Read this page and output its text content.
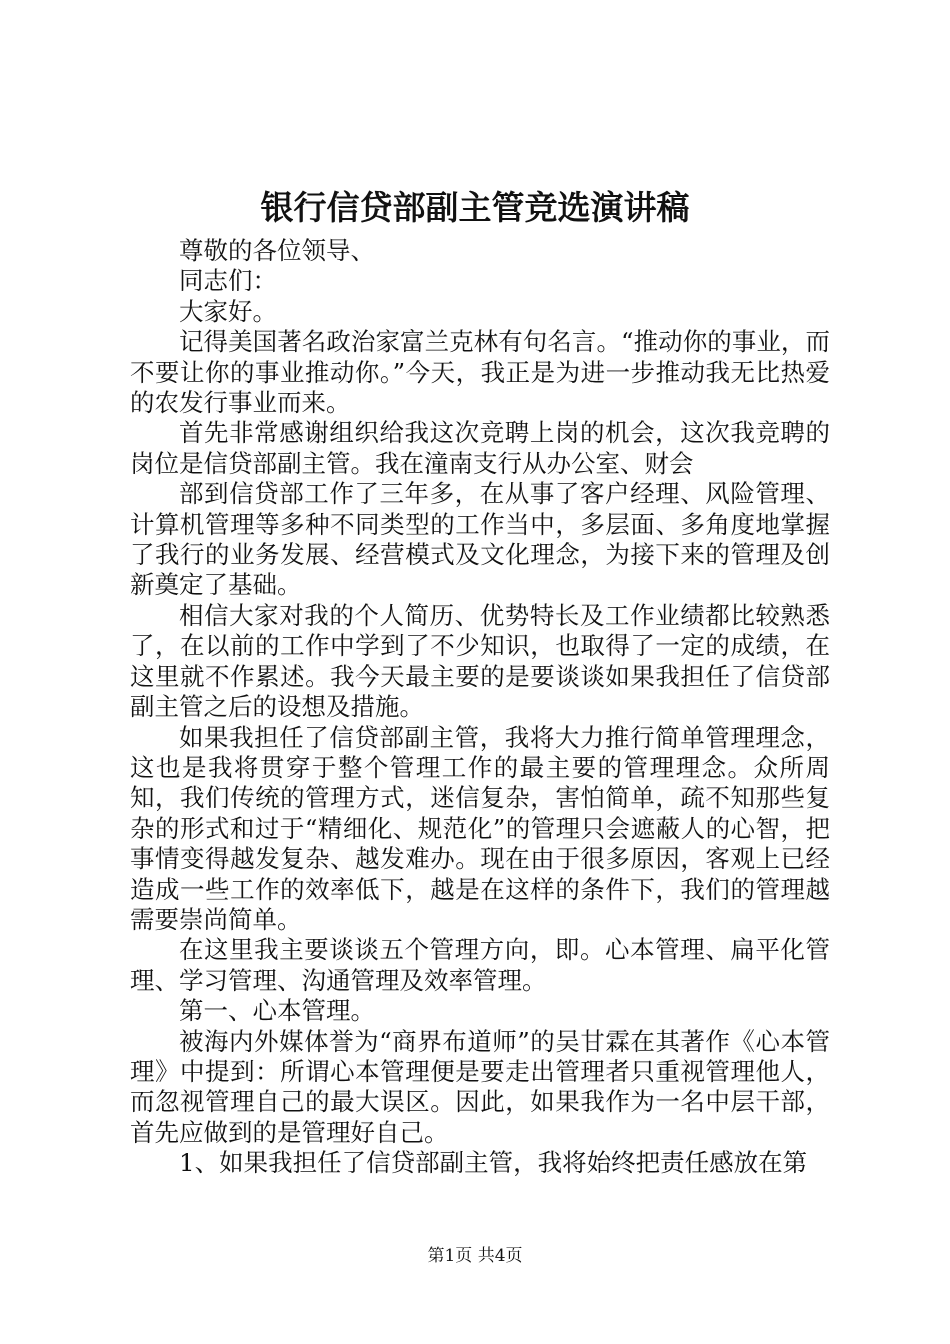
银行信贷部副主管竞选演讲稿

尊敬的各位领导、

同志们：

大家好。

记得美国著名政治家富兰克林有句名言。“推动你的事业，而不要让你的事业推动你。”今天，我正是为进一步推动我无比热爱的农发行事业而来。

首先非常感谢组织给我这次竞聘上岗的机会，这次我竞聘的岗位是信贷部副主管。我在潼南支行从办公室、财会

部到信贷部工作了三年多，在从事了客户经理、风险管理、计算机管理等多种不同类型的工作当中，多层面、多角度地掌握了我行的业务发展、经营模式及文化理念，为接下来的管理及创新奠定了基础。

相信大家对我的个人简历、优势特长及工作业绩都比较熟悉了，在以前的工作中学到了不少知识，也取得了一定的成绩，在这里就不作累述。我今天最主要的是要谈谈如果我担任了信贷部副主管之后的设想及措施。

如果我担任了信贷部副主管，我将大力推行简单管理理念，这也是我将贯穿于整个管理工作的最主要的管理理念。众所周知，我们传统的管理方式，迷信复杂，害怕简单，疏不知那些复杂的形式和过于“精细化、规范化”的管理只会遮蔽人的心智，把事情变得越发复杂、越发难办。现在由于很多原因，客观上已经造成一些工作的效率低下，越是在这样的条件下，我们的管理越需要崇尚简单。

在这里我主要谈谈五个管理方向，即。心本管理、扁平化管理、学习管理、沟通管理及效率管理。

第一、心本管理。

被海内外媒体誉为“商界布道师”的吴甘霖在其著作《心本管理》中提到：所谓心本管理便是要走出管理者只重视管理他人，而忽视管理自己的最大误区。因此，如果我作为一名中层干部，首先应做到的是管理好自己。

1、如果我担任了信贷部副主管，我将始终把责任感放在第

第1页 共4页
